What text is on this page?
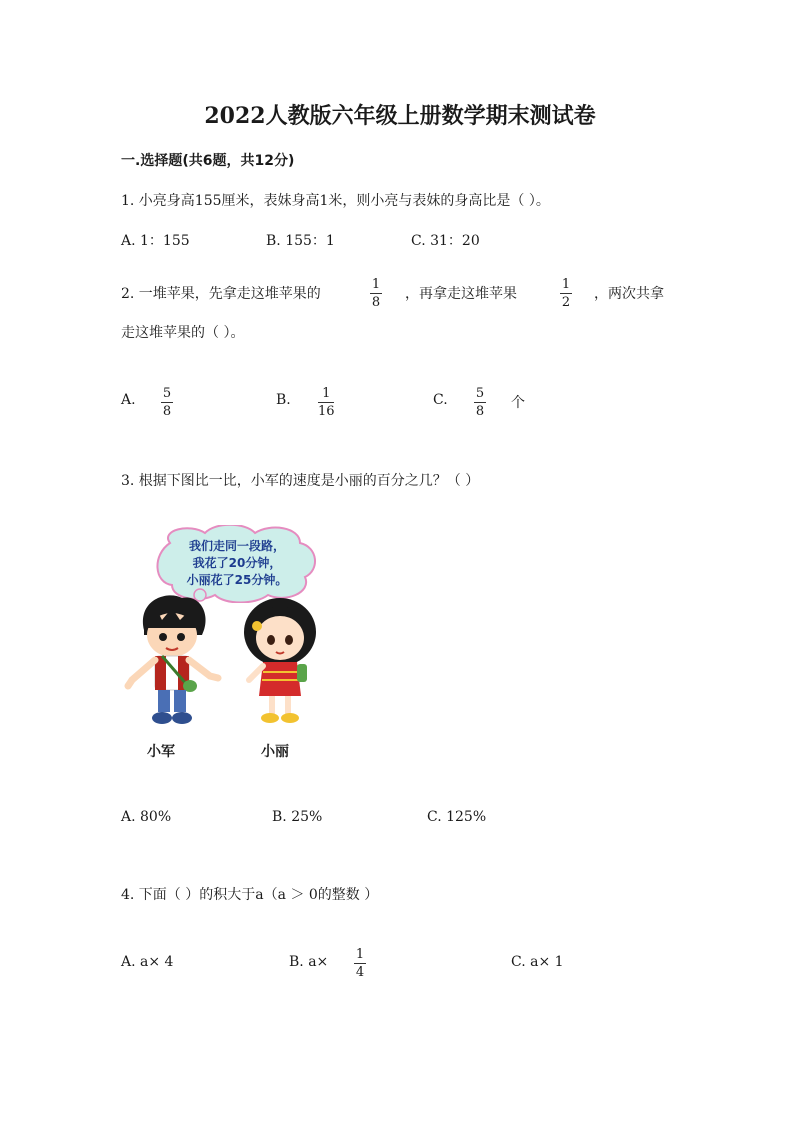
2022人教版六年级上册数学期末测试卷
一.选择题(共6题，共12分)
1. 小亮身高155厘米，表妹身高1米，则小亮与表妹的身高比是（ ）。
A. 1：155	B. 155：1	C. 31：20
2. 一堆苹果，先拿走这堆苹果的
1
8
，再拿走这堆苹果
1
2
，两次共拿
走这堆苹果的（ ）。
A. 5
8
B. 1
16
C. 5
8
个
3. 根据下图比一比，小军的速度是小丽的百分之几？（ ）
我们走同一段路，
我花了20分钟，
小丽花了25分钟。
小军	小丽
A. 80%	B. 25%	C. 125%
4. 下面（ ）的积大于a（a ＞ 0的整数 ）
A. a× 4	B. a× 1
4
C. a× 1
